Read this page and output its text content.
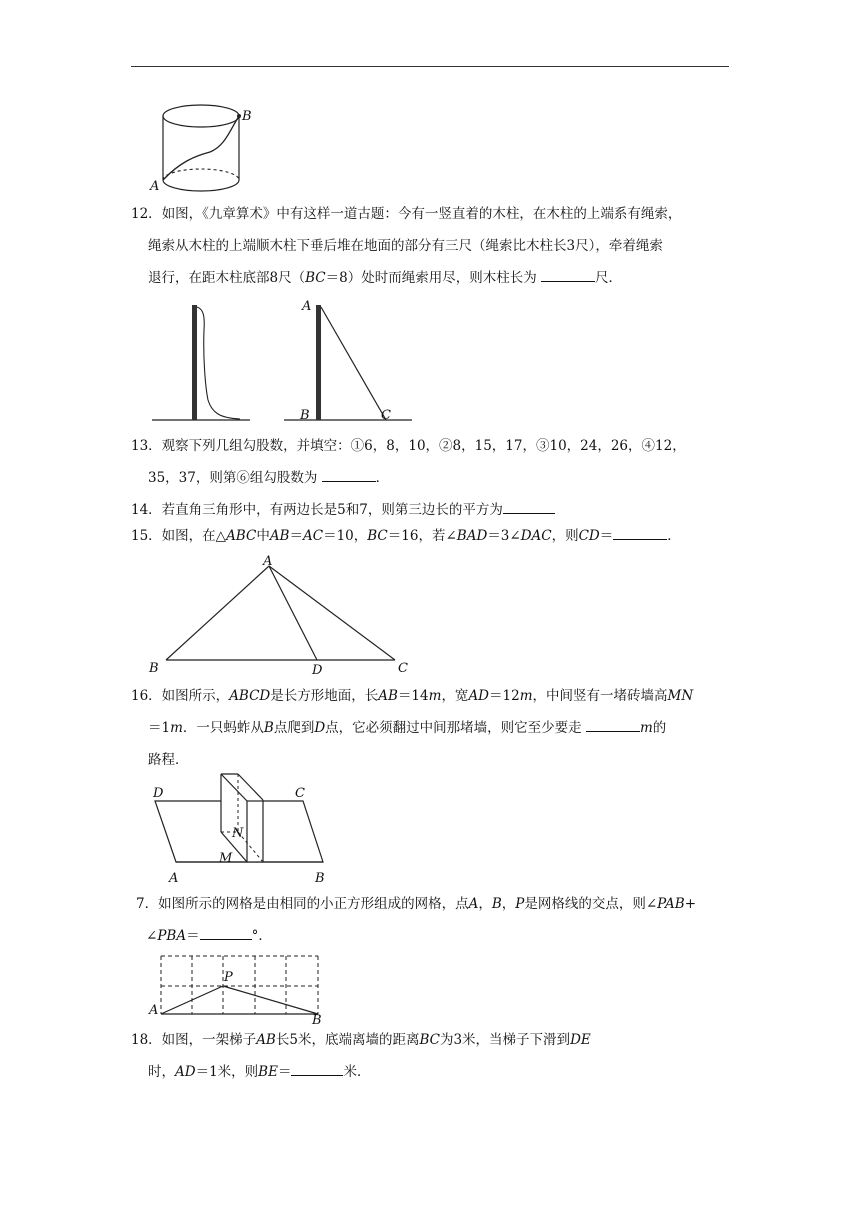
B
A

12．如图，《九章算术》中有这样一道古题：今有一竖直着的木柱，在木柱的上端系有绳索，

绳索从木柱的上端顺木柱下垂后堆在地面的部分有三尺（绳索比木柱长3尺），牵着绳索

退行，在距木柱底部8尺（BC＝8）处时而绳索用尽，则木柱长为	尺．

A
B	C

13．观察下列几组勾股数，并填空：①6，8，10，②8，15，17，③10，24，26，④12，

35，37，则第⑥组勾股数为	．

14．若直角三角形中，有两边长是5和7，则第三边长的平方为

15．如图，在△ABC中AB＝AC＝10，BC＝16，若∠BAD＝3∠DAC，则CD＝	．

A
B	D	C

16．如图所示，ABCD是长方形地面，长AB＝14m，宽AD＝12m，中间竖有一堵砖墙高MN

＝1m．一只蚂蚱从B点爬到D点，它必须翻过中间那堵墙，则它至少要走	m的

路程．

D	C
N
M
A	B

7．如图所示的网格是由相同的小正方形组成的网格，点A，B，P是网格线的交点，则∠PAB+

∠PBA＝	°．

P
A
B

18．如图，一架梯子AB长5米，底端离墙的距离BC为3米，当梯子下滑到DE

时，AD＝1米，则BE＝	米．
